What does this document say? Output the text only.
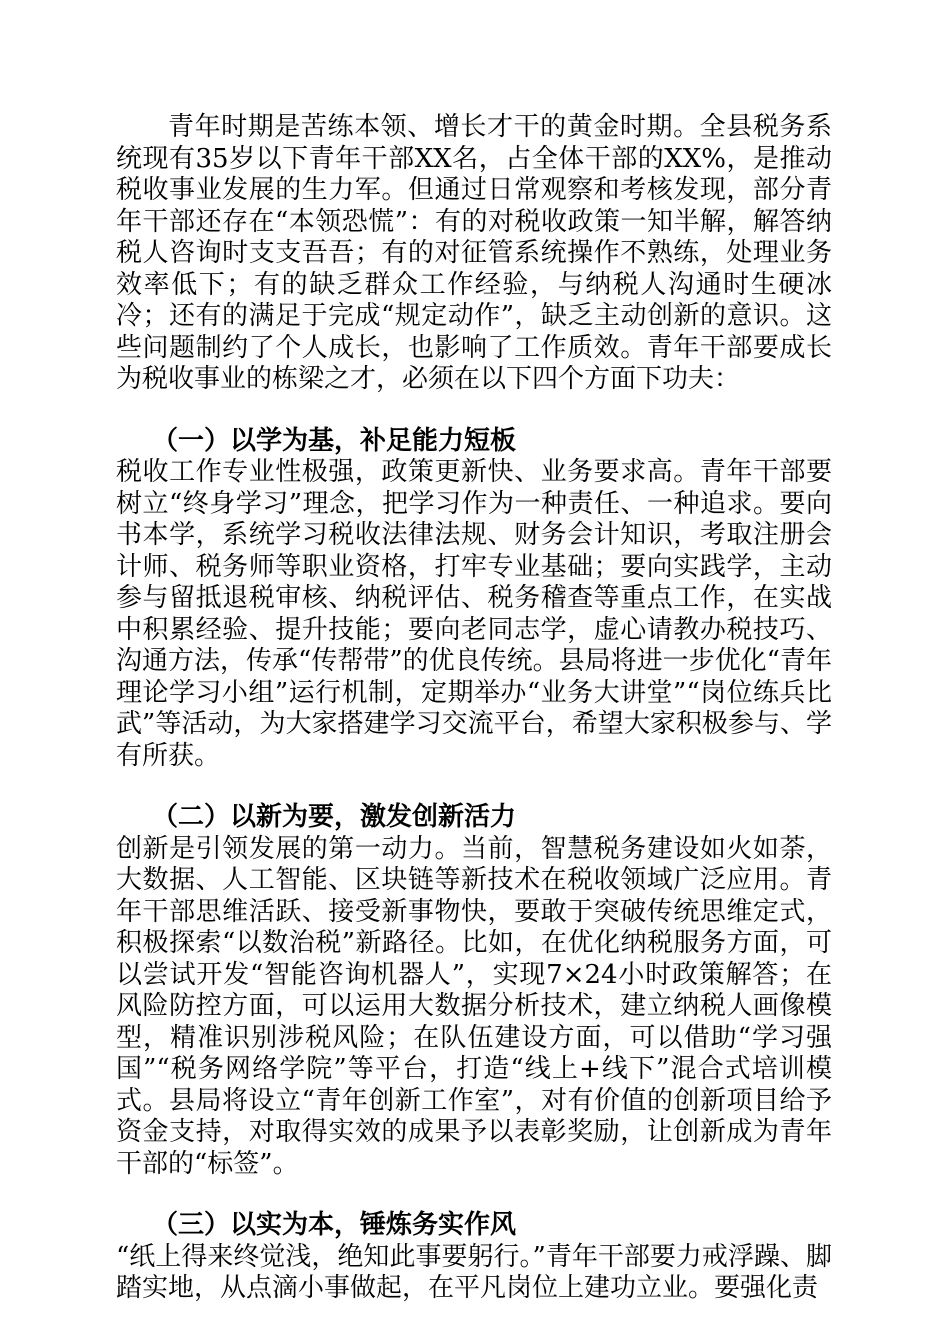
青年时期是苦练本领、增长才干的黄金时期。全县税务系统现有35岁以下青年干部XX名，占全体干部的XX%，是推动税收事业发展的生力军。但通过日常观察和考核发现，部分青年干部还存在“本领恐慌”：有的对税收政策一知半解，解答纳税人咨询时支支吾吾；有的对征管系统操作不熟练，处理业务效率低下；有的缺乏群众工作经验，与纳税人沟通时生硬冰冷；还有的满足于完成“规定动作”，缺乏主动创新的意识。这些问题制约了个人成长，也影响了工作质效。青年干部要成长为税收事业的栋梁之才，必须在以下四个方面下功夫：

（一）以学为基，补足能力短板

税收工作专业性极强，政策更新快、业务要求高。青年干部要树立“终身学习”理念，把学习作为一种责任、一种追求。要向书本学，系统学习税收法律法规、财务会计知识，考取注册会计师、税务师等职业资格，打牢专业基础；要向实践学，主动参与留抵退税审核、纳税评估、税务稽查等重点工作，在实战中积累经验、提升技能；要向老同志学，虚心请教办税技巧、沟通方法，传承“传帮带”的优良传统。县局将进一步优化“青年理论学习小组”运行机制，定期举办“业务大讲堂”“岗位练兵比武”等活动，为大家搭建学习交流平台，希望大家积极参与、学有所获。

（二）以新为要，激发创新活力

创新是引领发展的第一动力。当前，智慧税务建设如火如荼，大数据、人工智能、区块链等新技术在税收领域广泛应用。青年干部思维活跃、接受新事物快，要敢于突破传统思维定式，积极探索“以数治税”新路径。比如，在优化纳税服务方面，可以尝试开发“智能咨询机器人”，实现7×24小时政策解答；在风险防控方面，可以运用大数据分析技术，建立纳税人画像模型，精准识别涉税风险；在队伍建设方面，可以借助“学习强国”“税务网络学院”等平台，打造“线上+线下”混合式培训模式。县局将设立“青年创新工作室”，对有价值的创新项目给予资金支持，对取得实效的成果予以表彰奖励，让创新成为青年干部的“标签”。

（三）以实为本，锤炼务实作风

“纸上得来终觉浅，绝知此事要躬行。”青年干部要力戒浮躁、脚踏实地，从点滴小事做起，在平凡岗位上建功立业。要强化责
